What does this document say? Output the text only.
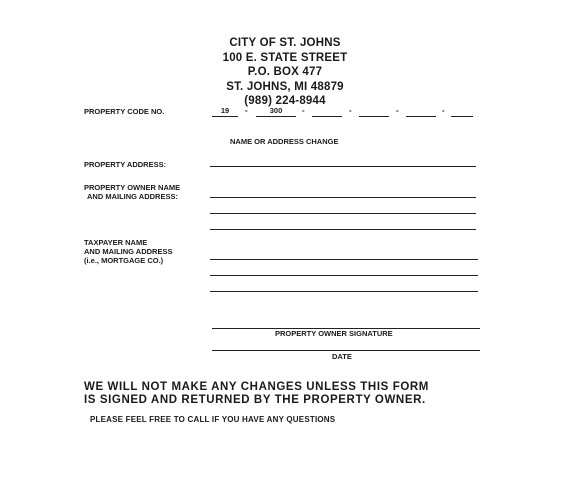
CITY OF ST. JOHNS
100 E. STATE STREET
P.O. BOX 477
ST. JOHNS, MI 48879
(989) 224-8944
PROPERTY CODE NO.	19	-	300	-	-	-	-
NAME OR ADDRESS CHANGE
PROPERTY ADDRESS:
PROPERTY OWNER NAME
AND MAILING ADDRESS:
TAXPAYER NAME
AND MAILING ADDRESS
(i.e., MORTGAGE CO.)
PROPERTY OWNER SIGNATURE
DATE
WE WILL NOT MAKE ANY CHANGES UNLESS THIS FORM
IS SIGNED AND RETURNED BY THE PROPERTY OWNER.
PLEASE FEEL FREE TO CALL IF YOU HAVE ANY QUESTIONS
